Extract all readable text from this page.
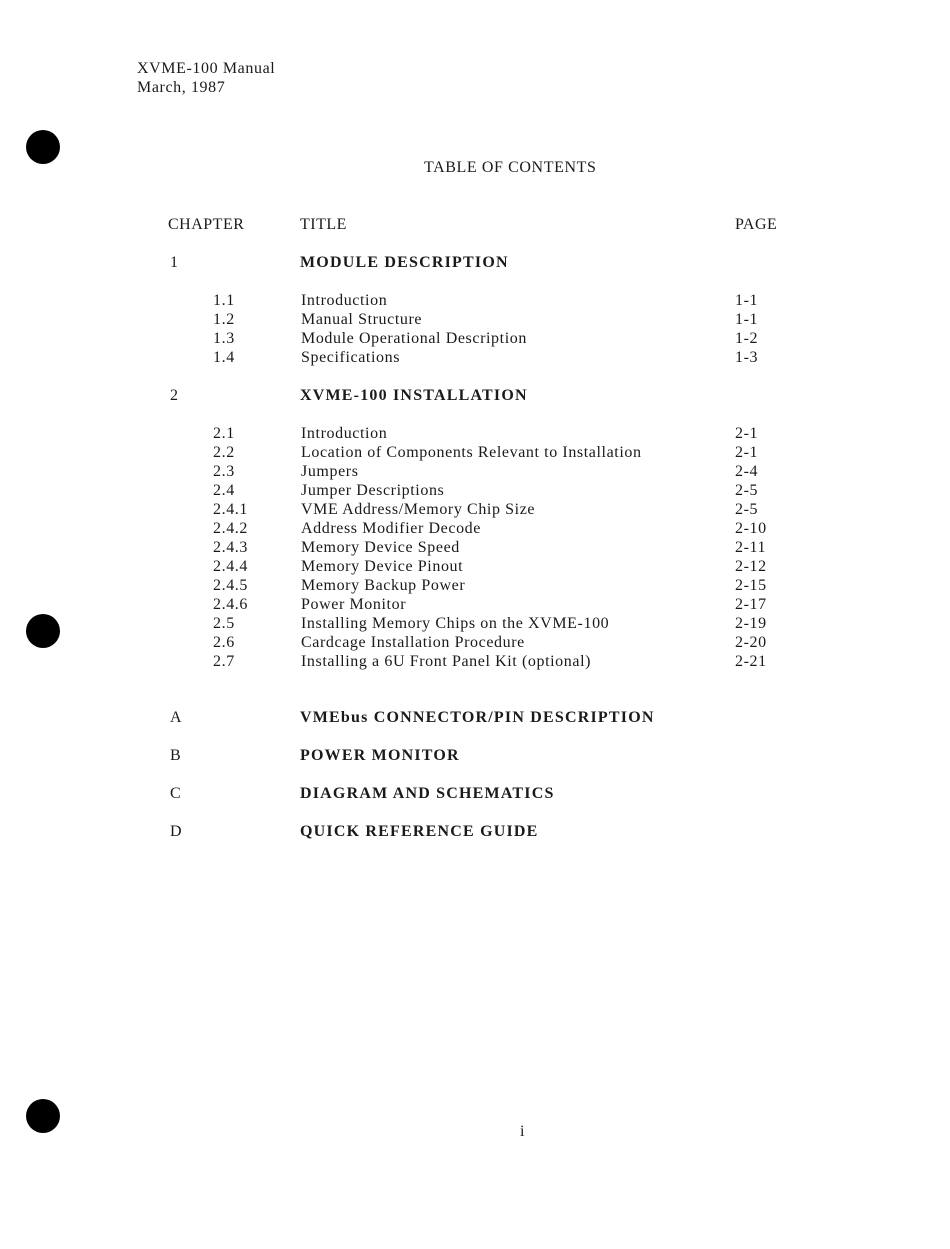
XVME-100 Manual
March, 1987
TABLE OF CONTENTS
CHAPTER	TITLE	PAGE
1	MODULE DESCRIPTION
1.1	Introduction	1-1
1.2	Manual Structure	1-1
1.3	Module Operational Description	1-2
1.4	Specifications	1-3
2	XVME-100 INSTALLATION
2.1	Introduction	2-1
2.2	Location of Components Relevant to Installation	2-1
2.3	Jumpers	2-4
2.4	Jumper Descriptions	2-5
2.4.1	VME Address/Memory Chip Size	2-5
2.4.2	Address Modifier Decode	2-10
2.4.3	Memory Device Speed	2-11
2.4.4	Memory Device Pinout	2-12
2.4.5	Memory Backup Power	2-15
2.4.6	Power Monitor	2-17
2.5	Installing Memory Chips on the XVME-100	2-19
2.6	Cardcage Installation Procedure	2-20
2.7	Installing a 6U Front Panel Kit (optional)	2-21
A	VMEbus CONNECTOR/PIN DESCRIPTION
B	POWER MONITOR
C	DIAGRAM AND SCHEMATICS
D	QUICK REFERENCE GUIDE
i
